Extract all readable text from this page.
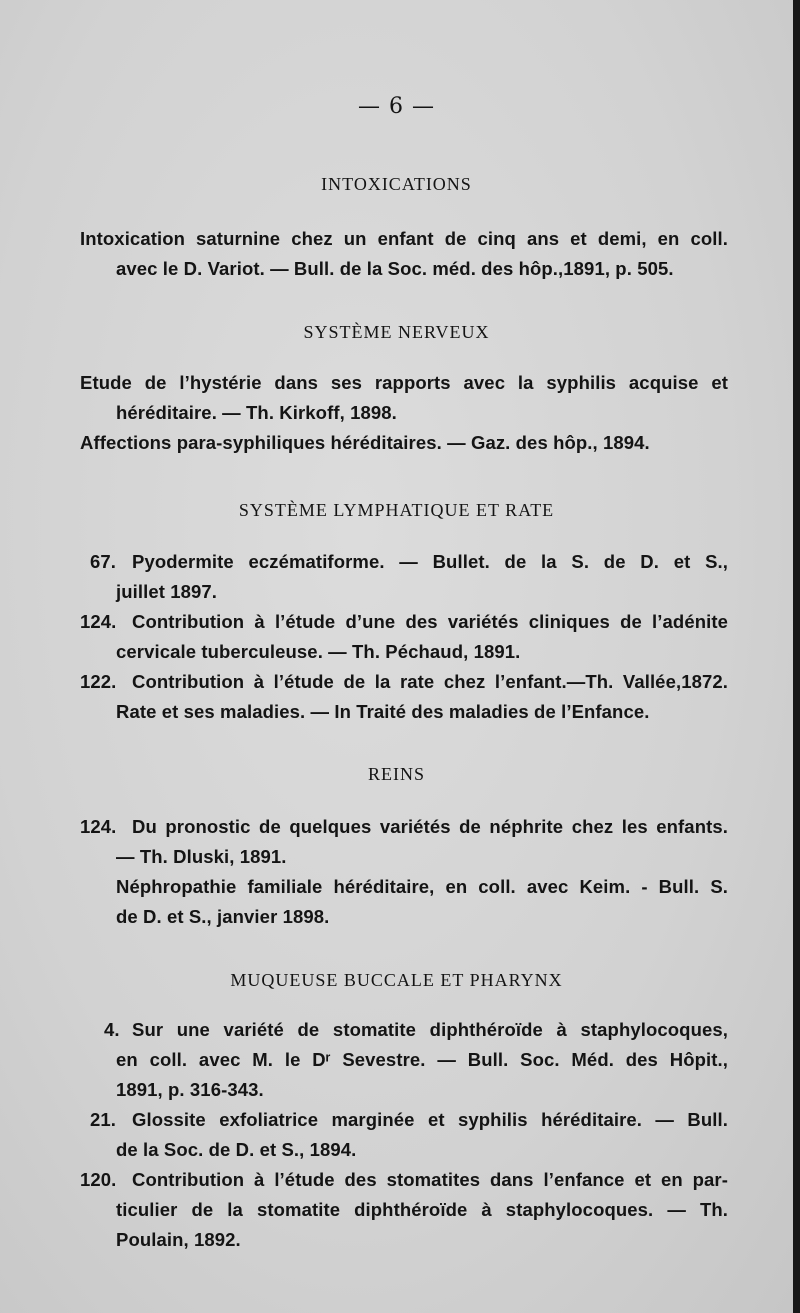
— 6 —
INTOXICATIONS
Intoxication saturnine chez un enfant de cinq ans et demi, en coll.
avec le D. Variot. — Bull. de la Soc. méd. des hôp.,1891, p. 505.
SYSTÈME NERVEUX
Etude de l’hystérie dans ses rapports avec la syphilis acquise et
héréditaire. — Th. Kirkoff, 1898.
Affections para-syphiliques héréditaires. — Gaz. des hôp., 1894.
SYSTÈME LYMPHATIQUE ET RATE
67. Pyodermite eczématiforme. — Bullet. de la S. de D. et S.,
juillet 1897.
124. Contribution à l’étude d’une des variétés cliniques de l’adénite
cervicale tuberculeuse. — Th. Péchaud, 1891.
122. Contribution à l’étude de la rate chez l’enfant.—Th. Vallée,1872.
Rate et ses maladies. — In Traité des maladies de l’Enfance.
REINS
124. Du pronostic de quelques variétés de néphrite chez les enfants.
— Th. Dluski, 1891.
Néphropathie familiale héréditaire, en coll. avec Keim. - Bull. S.
de D. et S., janvier 1898.
MUQUEUSE BUCCALE ET PHARYNX
4. Sur une variété de stomatite diphthéroïde à staphylocoques,
en coll. avec M. le Dʳ Sevestre. — Bull. Soc. Méd. des Hôpit.,
1891, p. 316-343.
21. Glossite exfoliatrice marginée et syphilis héréditaire. — Bull.
de la Soc. de D. et S., 1894.
120. Contribution à l’étude des stomatites dans l’enfance et en par-
ticulier de la stomatite diphthéroïde à staphylocoques. — Th.
Poulain, 1892.
